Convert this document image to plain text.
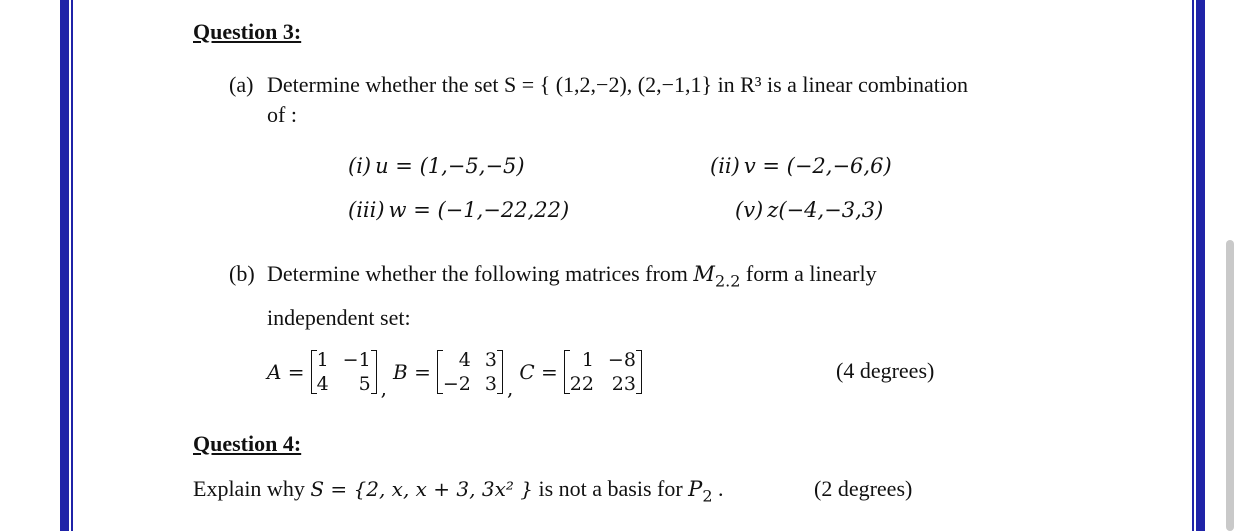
Question 3:
(a) Determine whether the set S = { (1,2,−2), (2,−1,1} in R³ is a linear combination
of :
(i) u = (1,−5,−5)	(ii) v = (−2,−6,6)
(iii) w = (−1,−22,22)	(v) z(−4,−3,3)
(b) Determine whether the following matrices from $M_{2.2}$ form a linearly
independent set:
A = 1 −1
4	5 ,
B =	4 3
−2 3 ,
C =	1 −8
22 23
(4 degrees)
Question 4:
Explain why S = {2, x, x + 3, 3x² } is not a basis for $P_2$ .	(2 degrees)
